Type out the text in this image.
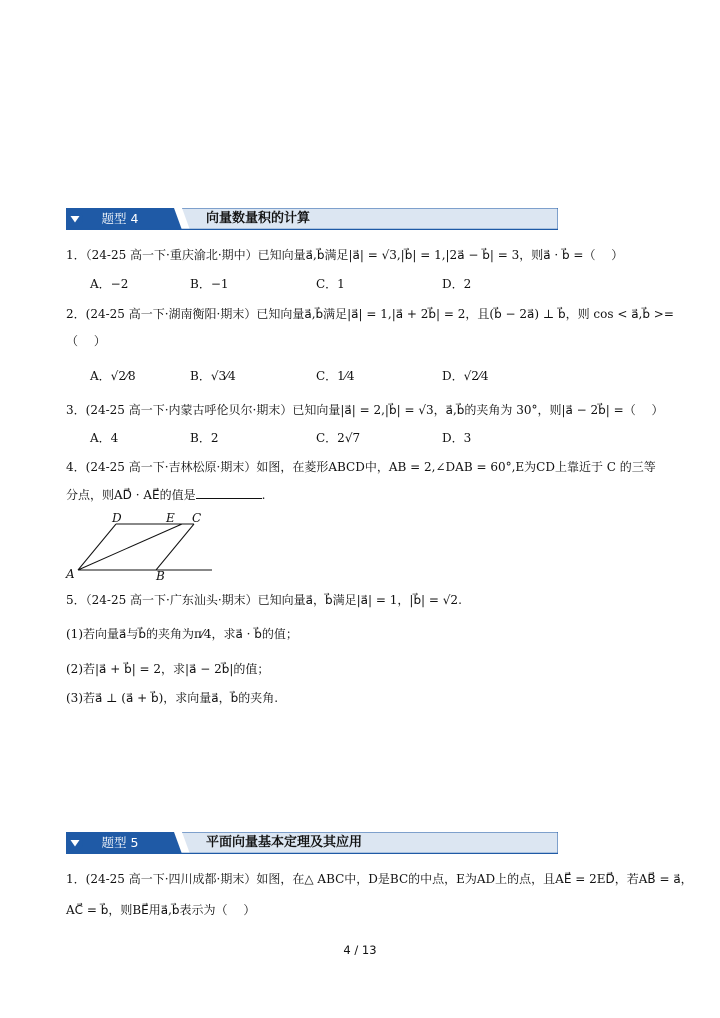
题型 4	向量数量积的计算
1．（24-25 高一下·重庆渝北·期中）已知向量a⃗,b⃗满足|a⃗| = √3,|b⃗| = 1,|2a⃗ − b⃗| = 3，则a⃗ · b⃗ =（　 ）
A．−2	B．−1	C．1	D．2
2．(24-25 高一下·湖南衡阳·期末）已知向量a⃗,b⃗满足|a⃗| = 1,|a⃗ + 2b⃗| = 2，且(b⃗ − 2a⃗) ⊥ b⃗，则 cos < a⃗,b⃗ >=
（　 ）
A．√2⁄8	B．√3⁄4	C．1⁄4	D．√2⁄4
3．(24-25 高一下·内蒙古呼伦贝尔·期末）已知向量|a⃗| = 2,|b⃗| = √3，a⃗,b⃗的夹角为 30°，则|a⃗ − 2b⃗| =（　 ）
A．4	B．2	C．2√7	D．3
4．(24-25 高一下·吉林松原·期末）如图，在菱形ABCD中，AB = 2,∠DAB = 60°,E为CD上靠近于 C 的三等
分点，则AD⃗ · AE⃗的值是	.
A	B
C
D	E
5．（24-25 高一下·广东汕头·期末）已知向量a⃗，b⃗满足|a⃗| = 1，|b⃗| = √2.
(1)若向量a⃗与b⃗的夹角为π⁄4，求a⃗ · b⃗的值；
(2)若|a⃗ + b⃗| = 2，求|a⃗ − 2b⃗|的值；
(3)若a⃗ ⊥ (a⃗ + b⃗)，求向量a⃗，b⃗的夹角.
题型 5	平面向量基本定理及其应用
1．(24-25 高一下·四川成都·期末）如图，在△ ABC中，D是BC的中点，E为AD上的点，且AE⃗ = 2ED⃗，若AB⃗ = a⃗，
AC⃗ = b⃗，则BE⃗用a⃗,b⃗表示为（　 ）
4 / 13
